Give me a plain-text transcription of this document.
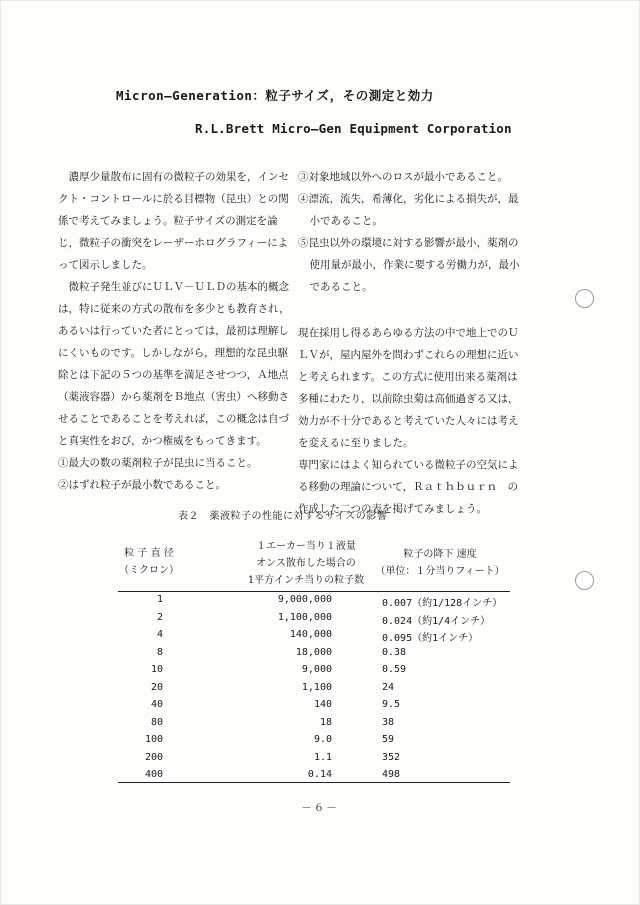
Micron—Generation：粒子サイズ，その測定と効力
R.L.Brett Micro—Gen Equipment Corporation

濃厚少量散布に固有の微粒子の効果を，インセクト・コントロールに於る目標物（昆虫）との関係で考えてみましょう。粒子サイズの測定を論じ，微粒子の衝突をレーザーホログラフィーによって図示しました。

微粒子発生並びにＵＬＶ－ＵＬＤの基本的概念は，特に従来の方式の散布を多少とも教育され，あるいは行っていた者にとっては，最初は理解しにくいものです。しかしながら，理想的な昆虫駆除とは下記の５つの基準を満足させつつ，Ａ地点（薬液容器）から薬剤をＢ地点（害虫）へ移動させることであることを考えれば，この概念は自づと真実性をおび，かつ権威をもってきます。

①最大の数の薬剤粒子が昆虫に当ること。

②はずれ粒子が最小数であること。

③対象地域以外へのロスが最小であること。

④漂流，流失，希薄化，劣化による損失が，最小であること。

⑤昆虫以外の環境に対する影響が最小，薬剤の使用量が最小，作業に要する労働力が，最小であること。

現在採用し得るあらゆる方法の中で地上でのＵＬＶが，屋内屋外を問わずこれらの理想に近いと考えられます。この方式に使用出来る薬剤は多種にわたり，以前除虫菊は高価過ぎる又は，効力が不十分であると考えていた人々には考えを変えるに至りました。

専門家にはよく知られている微粒子の空気による移動の理論について，Ｒａｔｈｂｕｒｎ　の作成した二つの表を掲げてみましょう。

表２　薬液粒子の性能に対するサイズの影響
粒 子 直 径
（ミクロン）
１エーカー当り１液量
オンス散布した場合の
1平方インチ当りの粒子数
粒子の降下 速度
（単位：１分当りフィート）
1	9,000,000	0.007（約1/128インチ）
2	1,100,000	0.024（約1/4インチ）
4	140,000	0.095（約1インチ）
8	18,000	0.38
10	9,000	0.59
20	1,100	24
40	140	9.5
80	18	38
100	9.0	59
200	1.1	352
400	0.14	498
－６－
